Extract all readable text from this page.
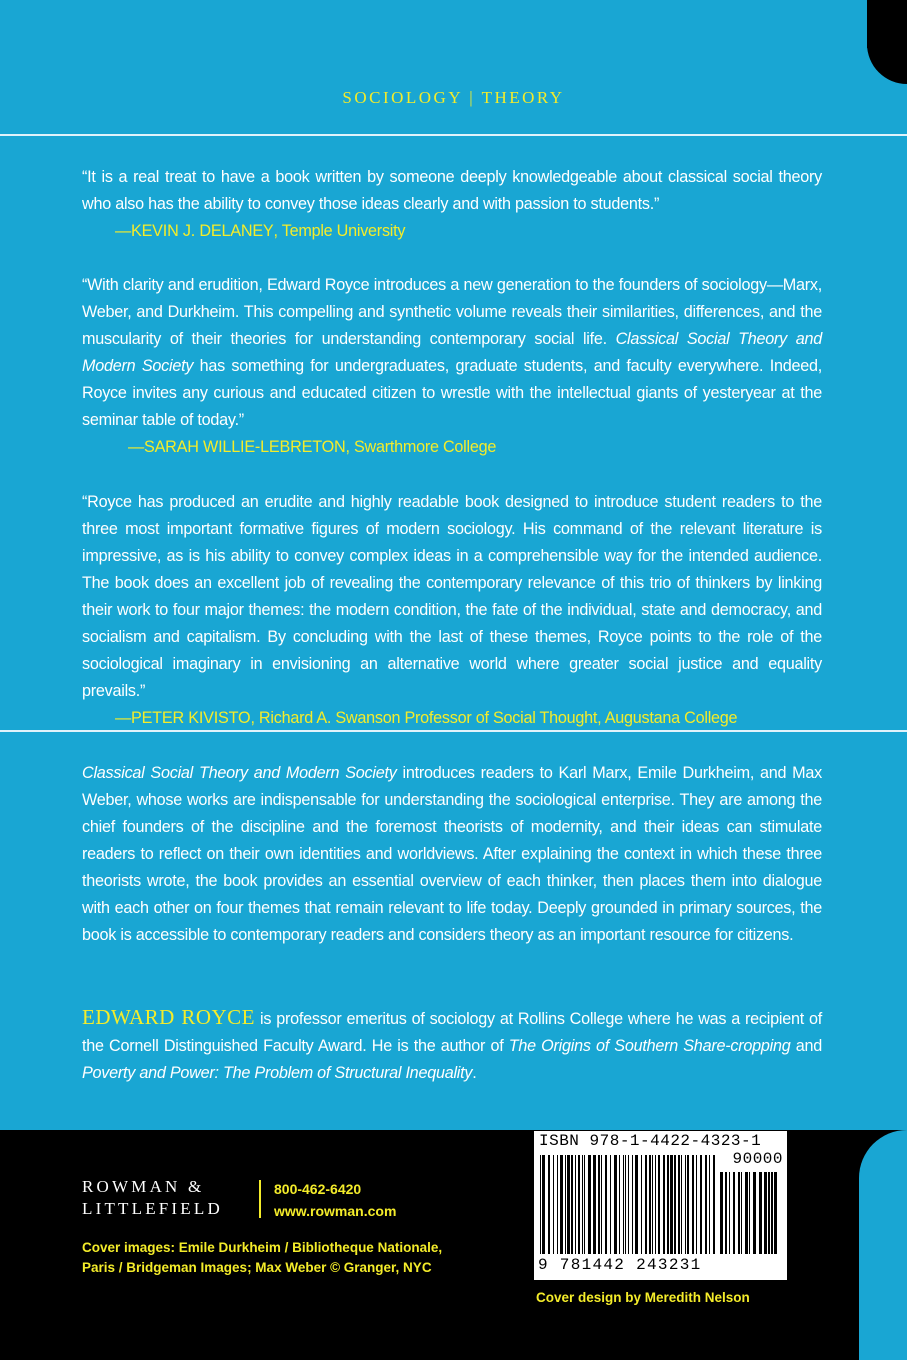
SOCIOLOGY | THEORY
“It is a real treat to have a book written by someone deeply knowledgeable about classical social theory who also has the ability to convey those ideas clearly and with passion to students.”
—KEVIN J. DELANEY, Temple University
“With clarity and erudition, Edward Royce introduces a new generation to the founders of sociology—Marx, Weber, and Durkheim. This compelling and synthetic volume reveals their similarities, differences, and the muscularity of their theories for understanding contemporary social life. Classical Social Theory and Modern Society has something for undergraduates, graduate students, and faculty everywhere. Indeed, Royce invites any curious and educated citizen to wrestle with the intellectual giants of yesteryear at the seminar table of today.”
—SARAH WILLIE-LEBRETON, Swarthmore College
“Royce has produced an erudite and highly readable book designed to introduce student readers to the three most important formative figures of modern sociology. His command of the relevant literature is impressive, as is his ability to convey complex ideas in a comprehensible way for the intended audience. The book does an excellent job of revealing the contemporary relevance of this trio of thinkers by linking their work to four major themes: the modern condition, the fate of the individual, state and democracy, and socialism and capitalism. By concluding with the last of these themes, Royce points to the role of the sociological imaginary in envisioning an alternative world where greater social justice and equality prevails.”
—PETER KIVISTO, Richard A. Swanson Professor of Social Thought, Augustana College
Classical Social Theory and Modern Society introduces readers to Karl Marx, Emile Durkheim, and Max Weber, whose works are indispensable for understanding the sociological enterprise. They are among the chief founders of the discipline and the foremost theorists of modernity, and their ideas can stimulate readers to reflect on their own identities and worldviews. After explaining the context in which these three theorists wrote, the book provides an essential overview of each thinker, then places them into dialogue with each other on four themes that remain relevant to life today. Deeply grounded in primary sources, the book is accessible to contemporary readers and considers theory as an important resource for citizens.
EDWARD ROYCE is professor emeritus of sociology at Rollins College where he was a recipient of the Cornell Distinguished Faculty Award. He is the author of The Origins of Southern Share-cropping and Poverty and Power: The Problem of Structural Inequality.
ROWMAN &
LITTLEFIELD
800-462-6420
www.rowman.com
Cover images: Emile Durkheim / Bibliotheque Nationale,
Paris / Bridgeman Images; Max Weber © Granger, NYC
ISBN 978-1-4422-4323-1
90000
9 781442 243231
Cover design by Meredith Nelson
